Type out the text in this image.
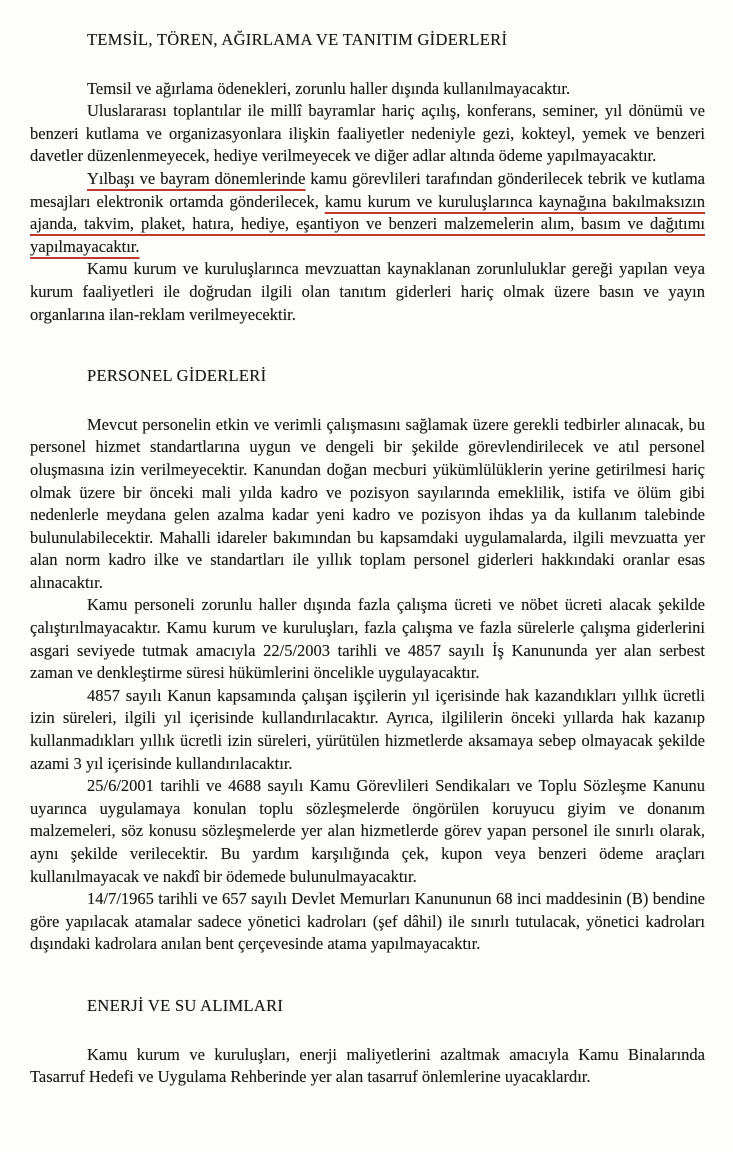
TEMSİL, TÖREN, AĞIRLAMA VE TANITIM GİDERLERİ

Temsil ve ağırlama ödenekleri, zorunlu haller dışında kullanılmayacaktır.

Uluslararası toplantılar ile millî bayramlar hariç açılış, konferans, seminer, yıl dönümü ve benzeri kutlama ve organizasyonlara ilişkin faaliyetler nedeniyle gezi, kokteyl, yemek ve benzeri davetler düzenlenmeyecek, hediye verilmeyecek ve diğer adlar altında ödeme yapılmayacaktır.

Yılbaşı ve bayram dönemlerinde kamu görevlileri tarafından gönderilecek tebrik ve kutlama mesajları elektronik ortamda gönderilecek, kamu kurum ve kuruluşlarınca kaynağına bakılmaksızın ajanda, takvim, plaket, hatıra, hediye, eşantiyon ve benzeri malzemelerin alım, basım ve dağıtımı yapılmayacaktır.

Kamu kurum ve kuruluşlarınca mevzuattan kaynaklanan zorunluluklar gereği yapılan veya kurum faaliyetleri ile doğrudan ilgili olan tanıtım giderleri hariç olmak üzere basın ve yayın organlarına ilan-reklam verilmeyecektir.

PERSONEL GİDERLERİ

Mevcut personelin etkin ve verimli çalışmasını sağlamak üzere gerekli tedbirler alınacak, bu personel hizmet standartlarına uygun ve dengeli bir şekilde görevlendirilecek ve atıl personel oluşmasına izin verilmeyecektir. Kanundan doğan mecburi yükümlülüklerin yerine getirilmesi hariç olmak üzere bir önceki mali yılda kadro ve pozisyon sayılarında emeklilik, istifa ve ölüm gibi nedenlerle meydana gelen azalma kadar yeni kadro ve pozisyon ihdas ya da kullanım talebinde bulunulabilecektir. Mahalli idareler bakımından bu kapsamdaki uygulamalarda, ilgili mevzuatta yer alan norm kadro ilke ve standartları ile yıllık toplam personel giderleri hakkındaki oranlar esas alınacaktır.

Kamu personeli zorunlu haller dışında fazla çalışma ücreti ve nöbet ücreti alacak şekilde çalıştırılmayacaktır. Kamu kurum ve kuruluşları, fazla çalışma ve fazla sürelerle çalışma giderlerini asgari seviyede tutmak amacıyla 22/5/2003 tarihli ve 4857 sayılı İş Kanununda yer alan serbest zaman ve denkleştirme süresi hükümlerini öncelikle uygulayacaktır.

4857 sayılı Kanun kapsamında çalışan işçilerin yıl içerisinde hak kazandıkları yıllık ücretli izin süreleri, ilgili yıl içerisinde kullandırılacaktır. Ayrıca, ilgililerin önceki yıllarda hak kazanıp kullanmadıkları yıllık ücretli izin süreleri, yürütülen hizmetlerde aksamaya sebep olmayacak şekilde azami 3 yıl içerisinde kullandırılacaktır.

25/6/2001 tarihli ve 4688 sayılı Kamu Görevlileri Sendikaları ve Toplu Sözleşme Kanunu uyarınca uygulamaya konulan toplu sözleşmelerde öngörülen koruyucu giyim ve donanım malzemeleri, söz konusu sözleşmelerde yer alan hizmetlerde görev yapan personel ile sınırlı olarak, aynı şekilde verilecektir. Bu yardım karşılığında çek, kupon veya benzeri ödeme araçları kullanılmayacak ve nakdî bir ödemede bulunulmayacaktır.

14/7/1965 tarihli ve 657 sayılı Devlet Memurları Kanununun 68 inci maddesinin (B) bendine göre yapılacak atamalar sadece yönetici kadroları (şef dâhil) ile sınırlı tutulacak, yönetici kadroları dışındaki kadrolara anılan bent çerçevesinde atama yapılmayacaktır.

ENERJİ VE SU ALIMLARI

Kamu kurum ve kuruluşları, enerji maliyetlerini azaltmak amacıyla Kamu Binalarında Tasarruf Hedefi ve Uygulama Rehberinde yer alan tasarruf önlemlerine uyacaklardır.
